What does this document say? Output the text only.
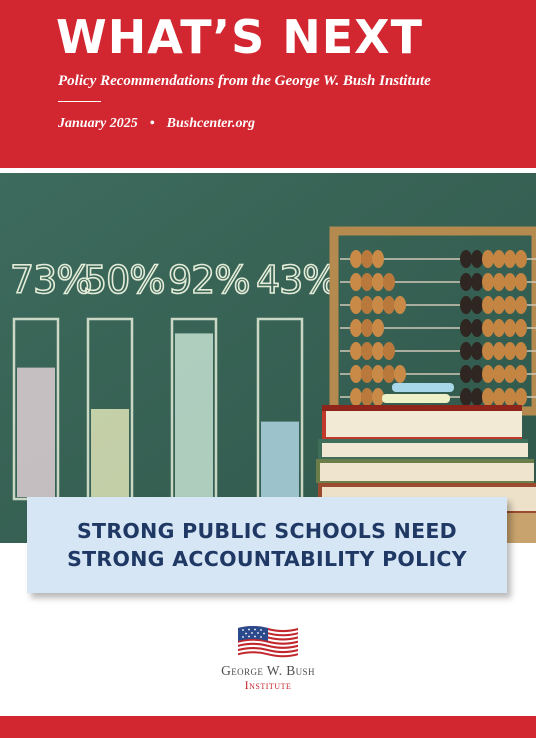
WHAT’S NEXT
Policy Recommendations from the George W. Bush Institute
January 2025 • Bushcenter.org
73%
50% 92% 43%
STRONG PUBLIC SCHOOLS NEED
STRONG ACCOUNTABILITY POLICY
George W. Bush
Institute
